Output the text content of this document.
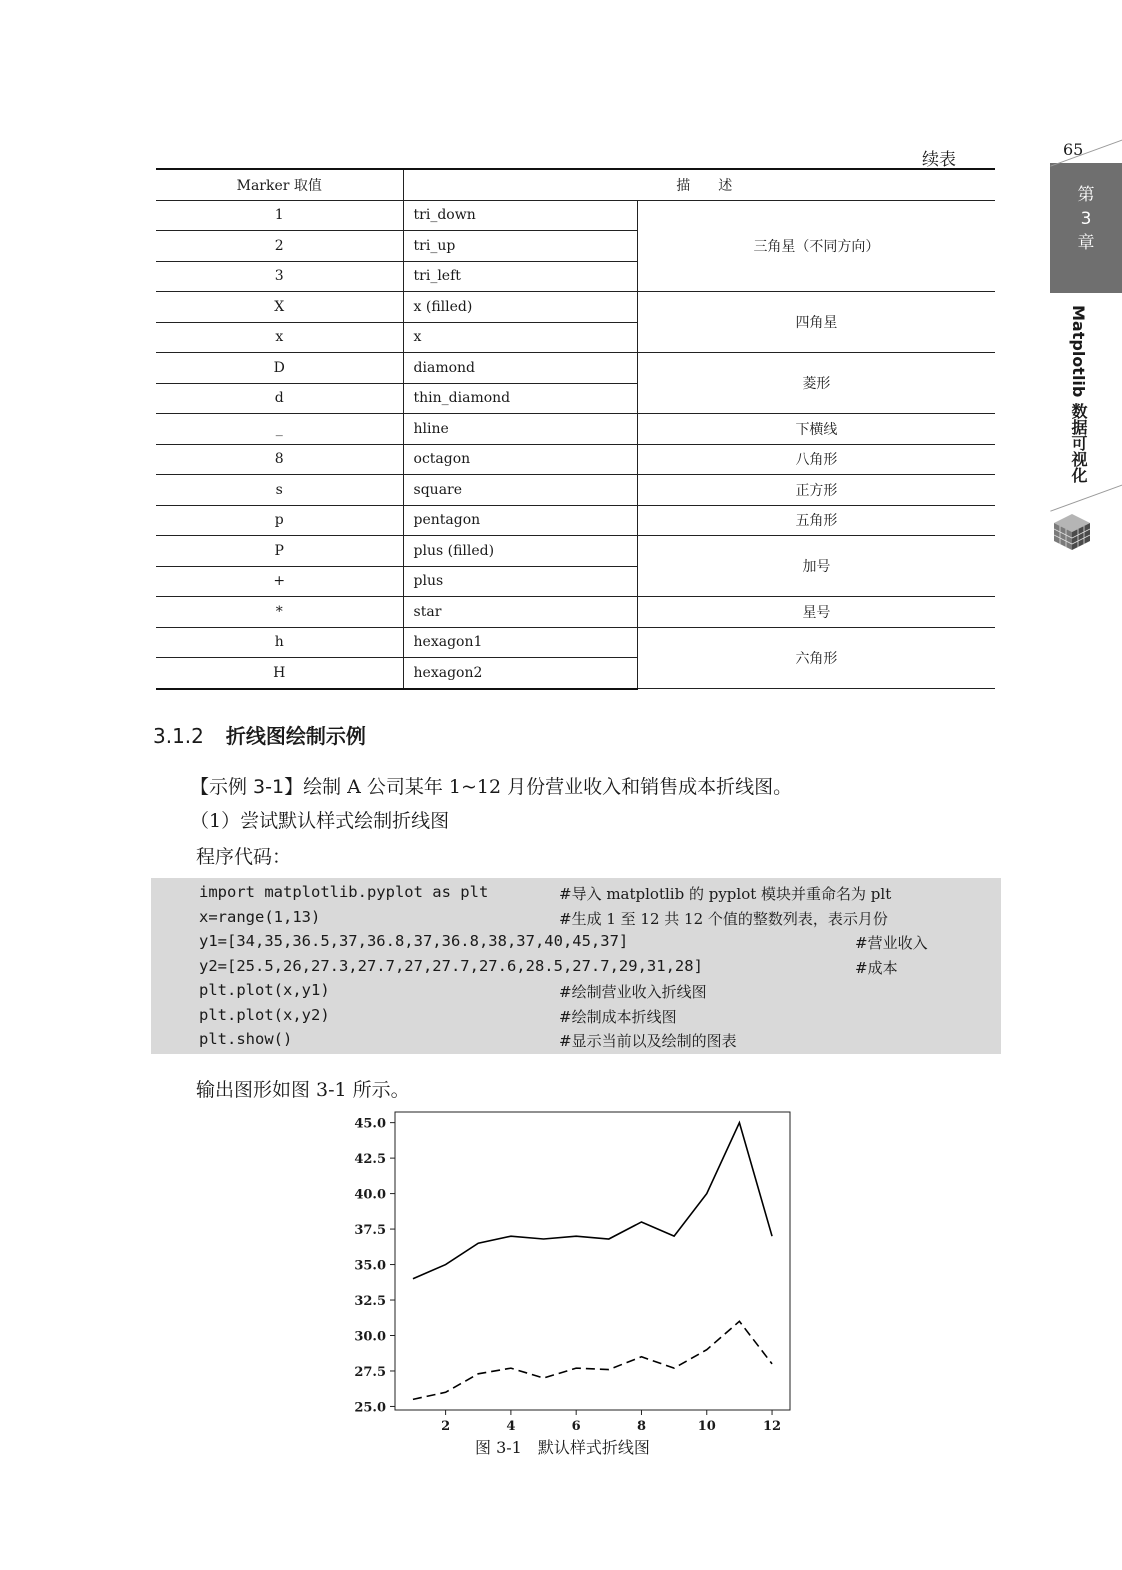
65
第
3
章
Matplotlib 数据可视化
续表
Marker 取值	描　　述	
1	tri_down	三角星（不同方向）
2	tri_up	
3	tri_left	
X	x (filled)	四角星
x	x	
D	diamond	菱形
d	thin_diamond	
_	hline	下横线
8	octagon	八角形
s	square	正方形
p	pentagon	五角形
P	plus (filled)	加号
+	plus	
*	star	星号
h	hexagon1	六角形
H	hexagon2	
3.1.2 折线图绘制示例
【示例 3-1】绘制 A 公司某年 1~12 月份营业收入和销售成本折线图。
（1）尝试默认样式绘制折线图
程序代码：
import matplotlib.pyplot as plt	#导入 matplotlib 的 pyplot 模块并重命名为 plt
x=range(1,13)	#生成 1 至 12 共 12 个值的整数列表，表示月份
y1=[34,35,36.5,37,36.8,37,36.8,38,37,40,45,37]	#营业收入
y2=[25.5,26,27.3,27.7,27,27.7,27.6,28.5,27.7,29,31,28]	#成本
plt.plot(x,y1)	#绘制营业收入折线图
plt.plot(x,y2)	#绘制成本折线图
plt.show()	#显示当前以及绘制的图表
输出图形如图 3-1 所示。
25.0
27.5
30.0
32.5
35.0
37.5
40.0
42.5
45.0
2	4	6	8	10	12
图 3-1　默认样式折线图
